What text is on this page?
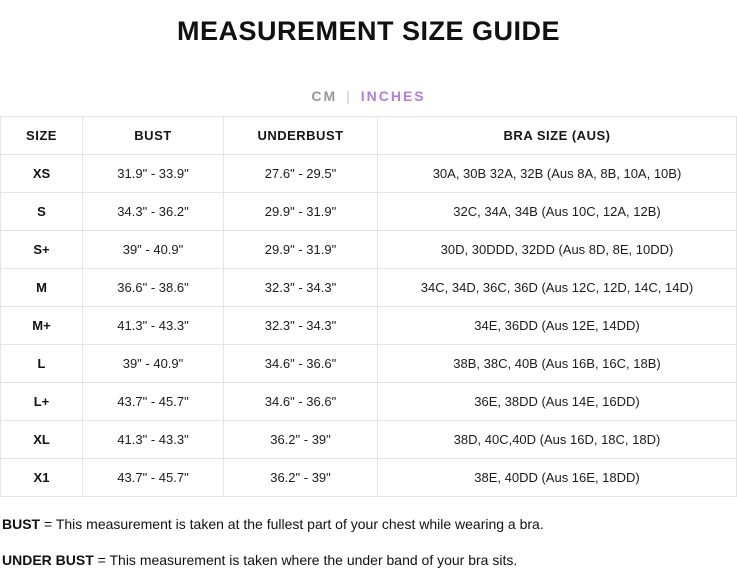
MEASUREMENT SIZE GUIDE
CM | INCHES
SIZE	BUST	UNDERBUST	BRA SIZE (AUS)
XS	31.9" - 33.9"	27.6" - 29.5"	30A, 30B 32A, 32B (Aus 8A, 8B, 10A, 10B)
S	34.3" - 36.2"	29.9" - 31.9"	32C, 34A, 34B (Aus 10C, 12A, 12B)
S+	39" - 40.9"	29.9" - 31.9"	30D, 30DDD, 32DD (Aus 8D, 8E, 10DD)
M	36.6" - 38.6"	32.3" - 34.3"	34C, 34D, 36C, 36D (Aus 12C, 12D, 14C, 14D)
M+	41.3" - 43.3"	32.3" - 34.3"	34E, 36DD (Aus 12E, 14DD)
L	39" - 40.9"	34.6" - 36.6"	38B, 38C, 40B (Aus 16B, 16C, 18B)
L+	43.7" - 45.7"	34.6" - 36.6"	36E, 38DD (Aus 14E, 16DD)
XL	41.3" - 43.3"	36.2" - 39"	38D, 40C,40D (Aus 16D, 18C, 18D)
X1	43.7" - 45.7"	36.2" - 39"	38E, 40DD (Aus 16E, 18DD)

BUST = This measurement is taken at the fullest part of your chest while wearing a bra.

UNDER BUST = This measurement is taken where the under band of your bra sits.
